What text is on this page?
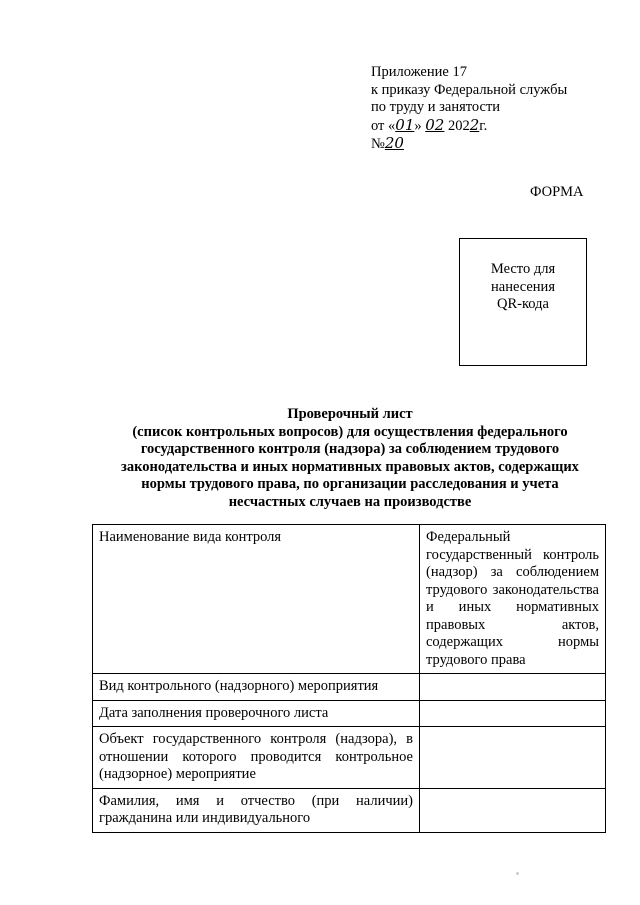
Приложение 17
к приказу Федеральной службы
по труду и занятости
от «01» 02 2022г.
№20
ФОРМА
Место для
нанесения
QR-кода
Проверочный лист
(список контрольных вопросов) для осуществления федерального
государственного контроля (надзора) за соблюдением трудового
законодательства и иных нормативных правовых актов, содержащих
нормы трудового права, по организации расследования и учета
несчастных случаев на производстве
Наименование вида контроля	Федеральный государственный контроль (надзор) за соблюдением трудового законодательства и иных нормативных правовых актов, содержащих нормы трудового права
Вид контрольного (надзорного) мероприятия	
Дата заполнения проверочного листа	
Объект государственного контроля (надзора), в отношении которого проводится контрольное (надзорное) мероприятие	
Фамилия, имя и отчество (при наличии) гражданина или индивидуального	
